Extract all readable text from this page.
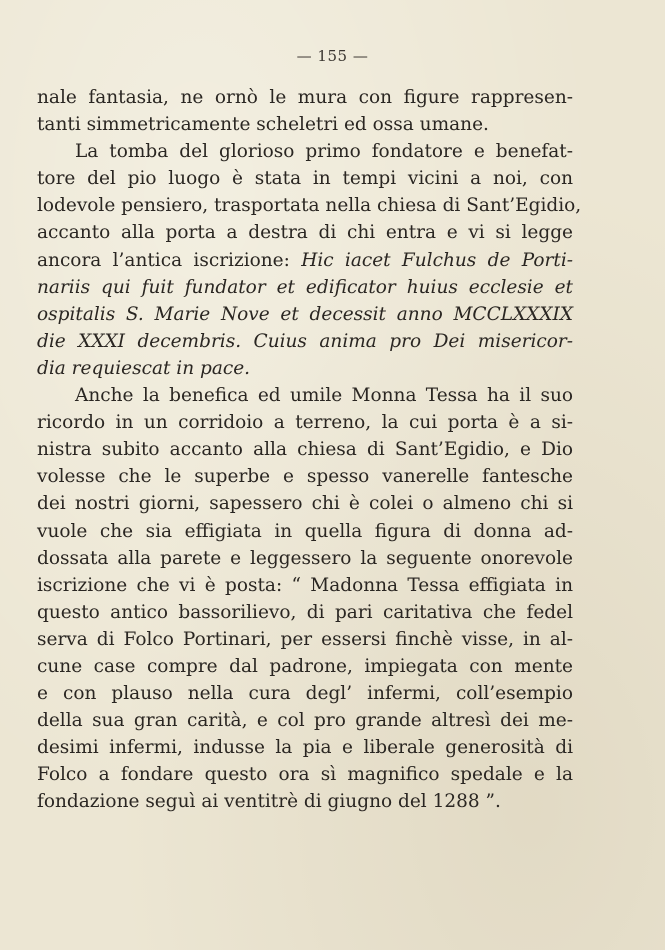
— 155 —
nale fantasia, ne ornò le mura con figure rappresen-
tanti simmetricamente scheletri ed ossa umane.
La tomba del glorioso primo fondatore e benefat-
tore del pio luogo è stata in tempi vicini a noi, con
lodevole pensiero, trasportata nella chiesa di Sant’Egidio,
accanto alla porta a destra di chi entra e vi si legge
ancora l’antica iscrizione: Hic iacet Fulchus de Porti-
nariis qui fuit fundator et edificator huius ecclesie et
ospitalis S. Marie Nove et decessit anno MCCLXXXIX
die XXXI decembris. Cuius anima pro Dei misericor-
dia requiescat in pace.
Anche la benefica ed umile Monna Tessa ha il suo
ricordo in un corridoio a terreno, la cui porta è a si-
nistra subito accanto alla chiesa di Sant’Egidio, e Dio
volesse che le superbe e spesso vanerelle fantesche
dei nostri giorni, sapessero chi è colei o almeno chi si
vuole che sia effigiata in quella figura di donna ad-
dossata alla parete e leggessero la seguente onorevole
iscrizione che vi è posta: “ Madonna Tessa effigiata in
questo antico bassorilievo, di pari caritativa che fedel
serva di Folco Portinari, per essersi finchè visse, in al-
cune case compre dal padrone, impiegata con mente
e con plauso nella cura degl’ infermi, coll’esempio
della sua gran carità, e col pro grande altresì dei me-
desimi infermi, indusse la pia e liberale generosità di
Folco a fondare questo ora sì magnifico spedale e la
fondazione seguì ai ventitrè di giugno del 1288 ”.
